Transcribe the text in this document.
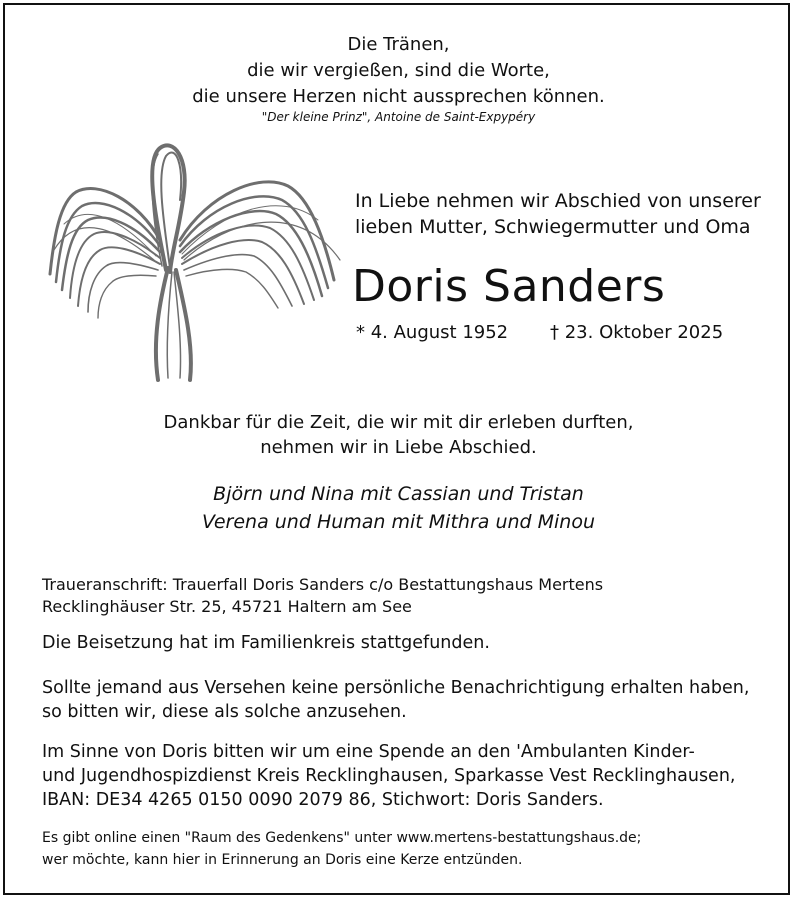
Die Tränen,
die wir vergießen, sind die Worte,
die unsere Herzen nicht aussprechen können.
"Der kleine Prinz", Antoine de Saint-Expypéry
In Liebe nehmen wir Abschied von unserer
lieben Mutter, Schwiegermutter und Oma
Doris Sanders
* 4. August 1952 † 23. Oktober 2025
Dankbar für die Zeit, die wir mit dir erleben durften,
nehmen wir in Liebe Abschied.
Björn und Nina mit Cassian und Tristan
Verena und Human mit Mithra und Minou
Traueranschrift: Trauerfall Doris Sanders c/o Bestattungshaus Mertens
Recklinghäuser Str. 25, 45721 Haltern am See
Die Beisetzung hat im Familienkreis stattgefunden.
Sollte jemand aus Versehen keine persönliche Benachrichtigung erhalten haben,
so bitten wir, diese als solche anzusehen.
Im Sinne von Doris bitten wir um eine Spende an den 'Ambulanten Kinder-
und Jugendhospizdienst Kreis Recklinghausen, Sparkasse Vest Recklinghausen,
IBAN: DE34 4265 0150 0090 2079 86, Stichwort: Doris Sanders.
Es gibt online einen "Raum des Gedenkens" unter www.mertens-bestattungshaus.de;
wer möchte, kann hier in Erinnerung an Doris eine Kerze entzünden.
